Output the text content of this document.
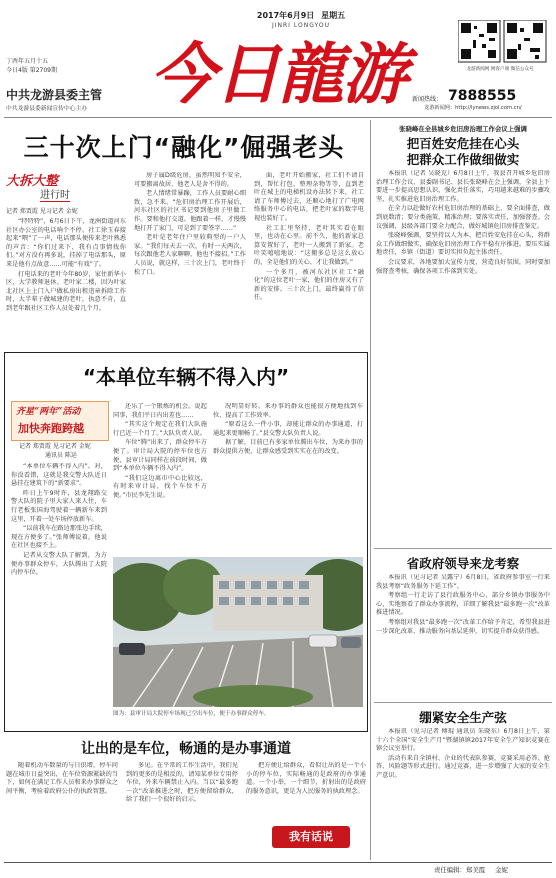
2017年6月9日 星期五
JINRI LONGYOU
丁酉年五月十五
今日4版 第2709期
中共龙游县委主管
中共龙游县委新闻宣传中心主办 今日龍游	龙游新闻网 网客户端 微信公众号
新闻热线： 7888555
龙游新闻网：http://lynews.zjol.com.cn/
三十次上门“融化”倔强老头
大拆大整
进行时
记者 郑贾霞 见习记者 金妮

“特特特”，6月6日下午，龙洲街道河东社区办公室的电话响个不停。社工徐玉春接起来“喂”了一声，电话那头便传来老叶熟悉的声音：“你们过来下，我有点事情找你们。”对方没有再多说，挂掉了电话那头，原来是他有点故意……可能“有戏”了。

打电话来的老叶今年80岁，家住新华小区，大学教师退休。老叶家二楼，因为叶家北社区上上门入户做私房出租违章拆除工作时，大半辈子做城建的老叶，执意不肯，直到老年跟社区工作人员处着几个月。

房子属D级危房，虽然明知不安全，可要搬离故居，他老人是舍不得的。

老人情绪常暴躁，工作人员要耐心细致，急不来。“危旧房治理工作开展后，河东社区的社区书记要到他房子里做工作。要和他打交道。他跟着一样，才慢慢地打开了家门，可是到了要签字……”

老叶是老年住户里较典型的一户人家。“我们每天去一次，有时一天两次，每次跟他老人家聊聊，他也不接招。”工作人员说，就这样，三十次上门，老叶终于松了口。

面，老叶开始搬家，社工们不请自到，帮忙打包、整理杂物等等，直到老叶在城上的电梯机设办法转下来，社工请了车师傅过去，还顺心地打了广电网络服务中心的电话，把老叶家的数字电视也装好了。

社工汇里坚持，老叶其实看在眼里，也动在心里。前不久，他的新家总算安置好了，老叶一人搬到了新家。老叶笑嘻嘻地说：“这搬多总是这么放心的，全是他们的关心、才让我做到。”

一个多月，被河东社区社工“融化”的这位老叶一家，他们的住房又有了新的安排。三十次上门，最终赢得了信任。

张晓峰在全县城乡危旧房治理工作会议上强调
把百姓安危挂在心头
把群众工作做细做实

本报讯（记者 吴晓克）6月8日上午，我县召开城乡危旧房治理工作会议，县委副书记、县长张晓峰在会上强调，全县上下要进一步提高思想认识，强化责任落实，巧用越来越难的步骤攻坚，扎实推进危旧房治理工作。

在全力以赴做好农村危旧房治理的基础上，要全面排查，做到底数清；要分类施策，精准治理；要落实责任，加强督查。会议强调，县级各部门要全力配合，做好城镇危旧房排查鉴定。

张晓峰强调，要坚持以人为本，把百姓安危挂在心头，将群众工作做细做实，确保危旧房治理工作平稳有序推进。要压实属地责任，乡镇（街道）要切实担负起主体责任。

会议要求，各地要加大宣传力度，营造良好氛围，同时要加强督查考核，确保各项工作落到实处。

省政府领导来龙考察

本报讯（见习记者 吴露宁）6月8日，省政府参事室一行来我县考察“政务服务下延工作”。

考察组一行走访了县行政服务中心、部分乡镇办事服务中心，实地察看了群众办事流程，详细了解我县“最多跑一次”改革推进情况。

考察组对我县“最多跑一次”改革工作给予肯定，希望我县进一步深化改革，推动服务向基层延伸，切实提升群众获得感。

绷紧安全生产弦

本报讯（见习记者 傅琨 通讯员 朱晓东）6月8日上午，第十六个全国“安全生产月”暨湖镇镇2017年安全生产知识竞赛在镇会议室举行。

活动有来自全镇村、企业的代表队参赛，竞赛采用必答、抢答、风险题等形式进行。通过竞赛，进一步增强了大家的安全生产意识。

“本单位车辆不得入内”
齐星“两年”活动
加快奔跑跨越
记者 郑贾霞 见习记者 金妮
通讯员 陈运

“本单位车辆不得入内”。对，你没看错，这就是我交警大队近日悬挂在建筑下的“新要求”。

昨日上午9时许，县龙翔路交警大队的院子里大家人来人往，车行老板张国海驾驶着一辆新车来到这里，开着一处车场停放新车。

“以前我车在路边那张边手续，现在方便多了。”张师傅说着，他说在社区也接不上。

记者从交警大队了解到，为方便办事群众停车，大队腾出了大院内停车位。

还乐了一个锻炼的机会。说起同事，我们平日内出差也……

“其实这个规定在我们大队施行已近一个月了。”大队负责人说。

车位“腾”出来了，群众停车方便了。审计局大院的停车位也方便，县审计局同样在前段时间，做到“本单位车辆不得入内”。

“我们这边离市中心比较远，有时来审计局，找个车位不方便。”市民李先生说。

况明显好转。来办事的群众也能很方便地找到车位，提高了工作效率。

“原看这么一件小事，却能让群众的办事通道，打通起来更顺畅了。”县交警大队负责人说。

据了解，目前已有多家单位腾出车位，为来办事的群众提供方便，让群众感受到实实在在的改变。

图为：县审计局大院停车场现已空出车位，便于办事群众停车。
让出的是车位，畅通的是办事通道

随着机动车数量的与日俱增，停车问题在城市日益突出，在车位资源紧缺的当下，如何在满足工作人员和来办事群众之间平衡，考验着政府公仆的执政智慧。

多见。在平常的工作生活中，我们见到的更多的是相反的，请知某单位专用停车位，外来车辆禁止入内。当以“最多跑一次”改革推进之时，把方便留给群众，给了我们一个很好的启示。

把方便让给群众，看似让出的是一个小小的停车位，实际畅通的是政府的办事通道。一个小举，一个细节，折射出的是政府的服务意识，更是为人民服务的执政理念。

我有话说
责任编辑：郑美霞 金妮
